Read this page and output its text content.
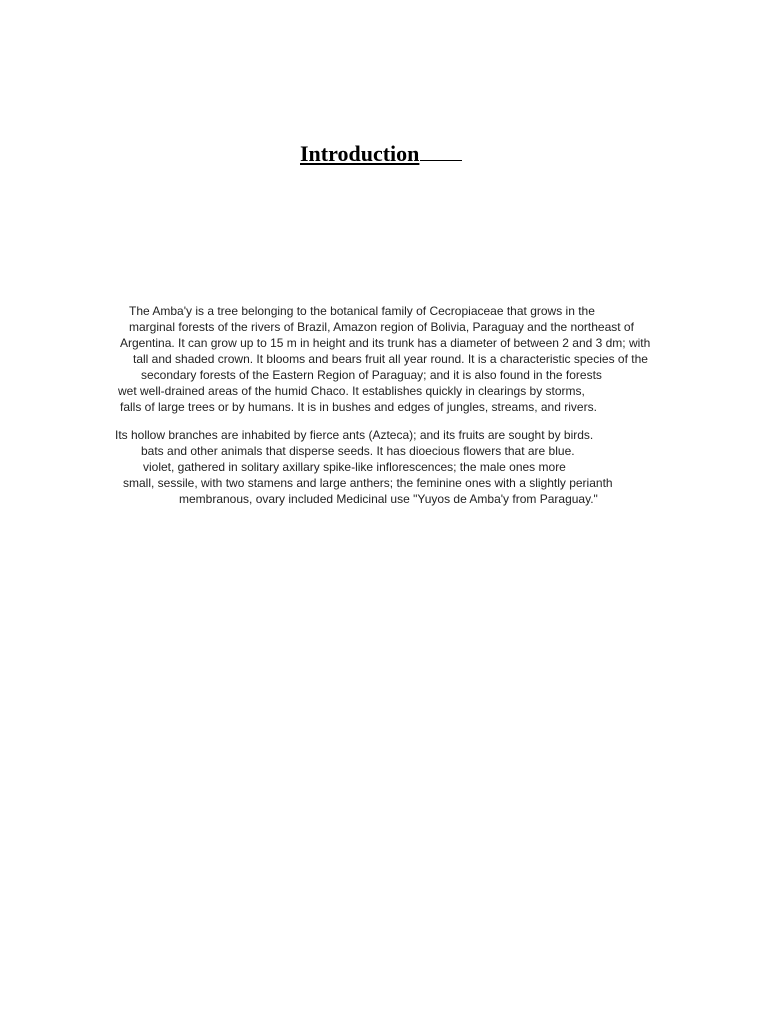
Introduction
The Amba'y is a tree belonging to the botanical family of Cecropiaceae that grows in the
marginal forests of the rivers of Brazil, Amazon region of Bolivia, Paraguay and the northeast of
Argentina. It can grow up to 15 m in height and its trunk has a diameter of between 2 and 3 dm; with
tall and shaded crown. It blooms and bears fruit all year round. It is a characteristic species of the
secondary forests of the Eastern Region of Paraguay; and it is also found in the forests
wet well-drained areas of the humid Chaco. It establishes quickly in clearings by storms,
falls of large trees or by humans. It is in bushes and edges of jungles, streams, and rivers.
Its hollow branches are inhabited by fierce ants (Azteca); and its fruits are sought by birds.
bats and other animals that disperse seeds. It has dioecious flowers that are blue.
violet, gathered in solitary axillary spike-like inflorescences; the male ones more
small, sessile, with two stamens and large anthers; the feminine ones with a slightly perianth
membranous, ovary included Medicinal use "Yuyos de Amba'y from Paraguay."
